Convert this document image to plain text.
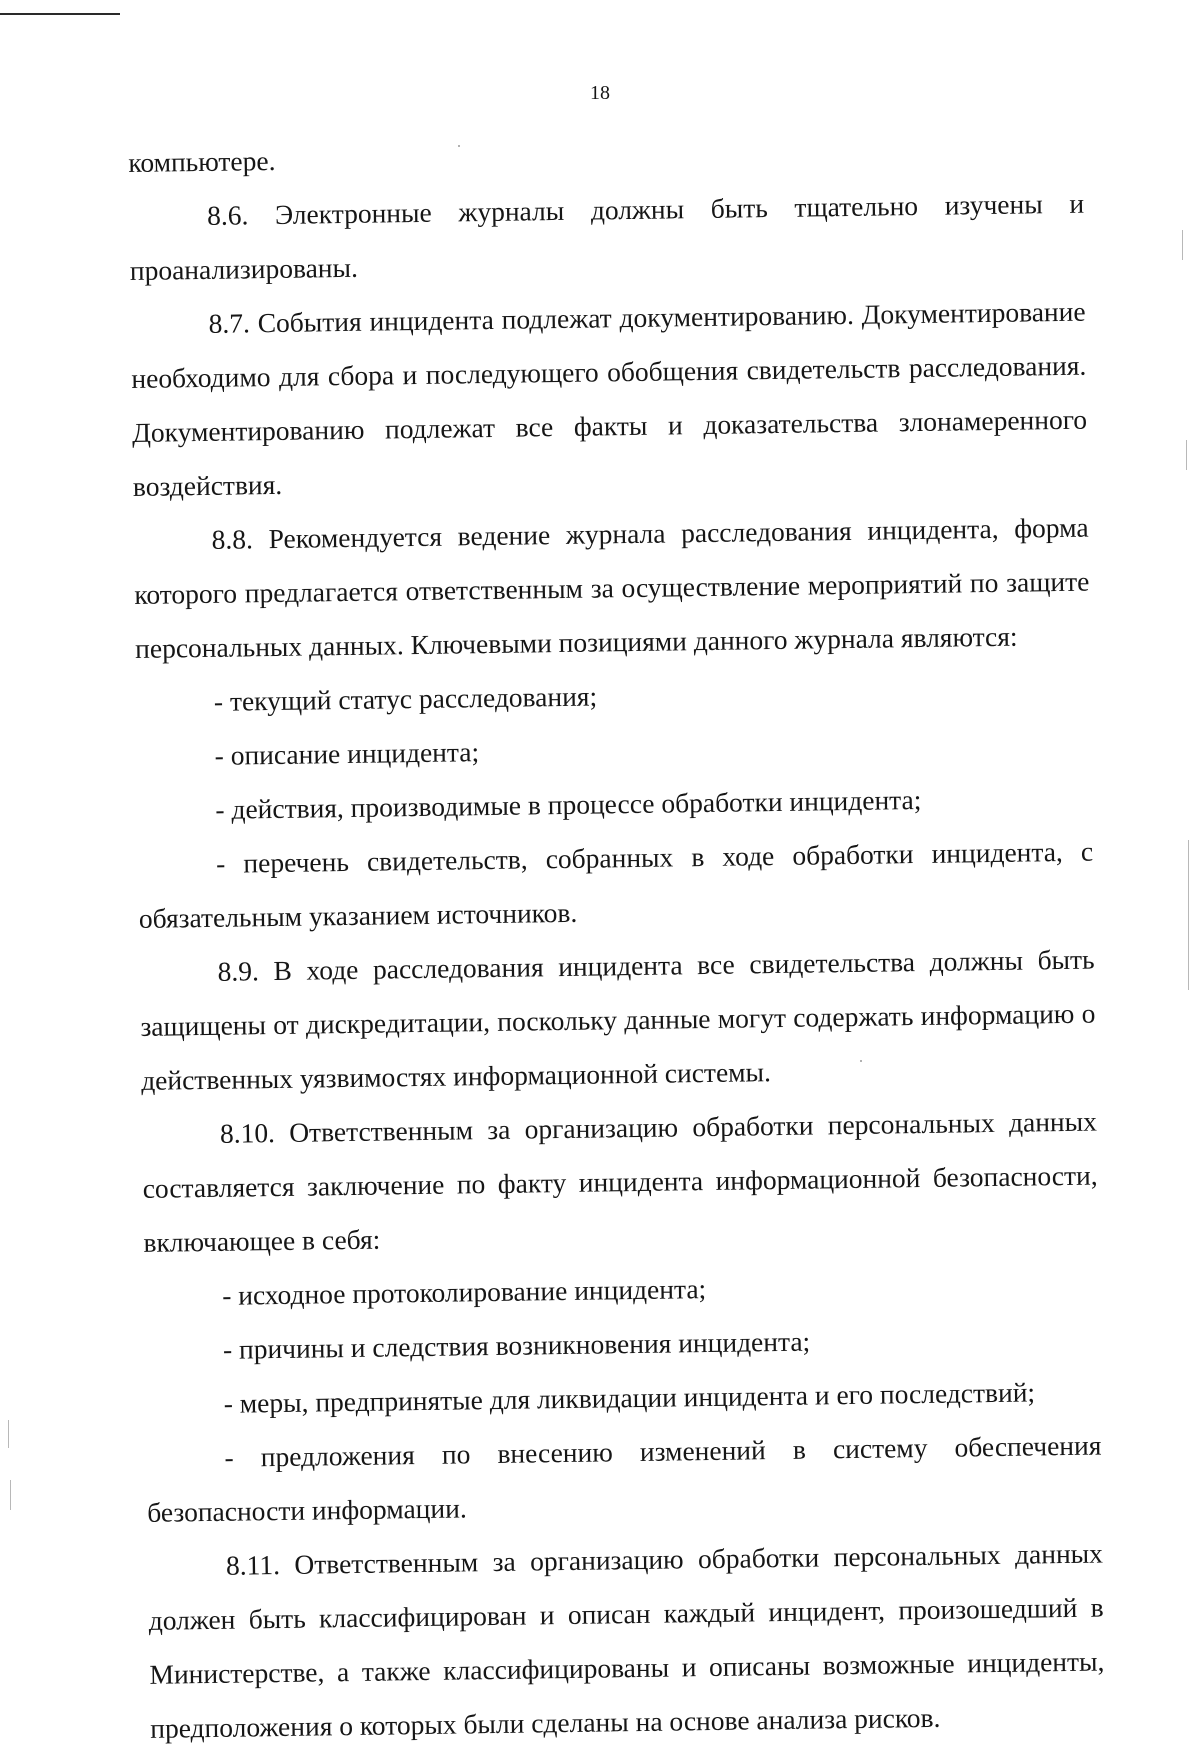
18

компьютере.

8.6. Электронные журналы должны быть тщательно изучены и проанализированы.

8.7. События инцидента подлежат документированию. Документирование необходимо для сбора и последующего обобщения свидетельств расследования. Документированию подлежат все факты и доказательства злонамеренного воздействия.

8.8. Рекомендуется ведение журнала расследования инцидента, форма которого предлагается ответственным за осуществление мероприятий по защите персональных данных. Ключевыми позициями данного журнала являются:

- текущий статус расследования;

- описание инцидента;

- действия, производимые в процессе обработки инцидента;

- перечень свидетельств, собранных в ходе обработки инцидента, с обязательным указанием источников.

8.9. В ходе расследования инцидента все свидетельства должны быть защищены от дискредитации, поскольку данные могут содержать информацию о действенных уязвимостях информационной системы.

8.10. Ответственным за организацию обработки персональных данных составляется заключение по факту инцидента информационной безопасности, включающее в себя:

- исходное протоколирование инцидента;

- причины и следствия возникновения инцидента;

- меры, предпринятые для ликвидации инцидента и его последствий;

- предложения по внесению изменений в систему обеспечения безопасности информации.

8.11. Ответственным за организацию обработки персональных данных должен быть классифицирован и описан каждый инцидент, произошедший в Министерстве, а также классифицированы и описаны возможные инциденты, предположения о которых были сделаны на основе анализа рисков.
